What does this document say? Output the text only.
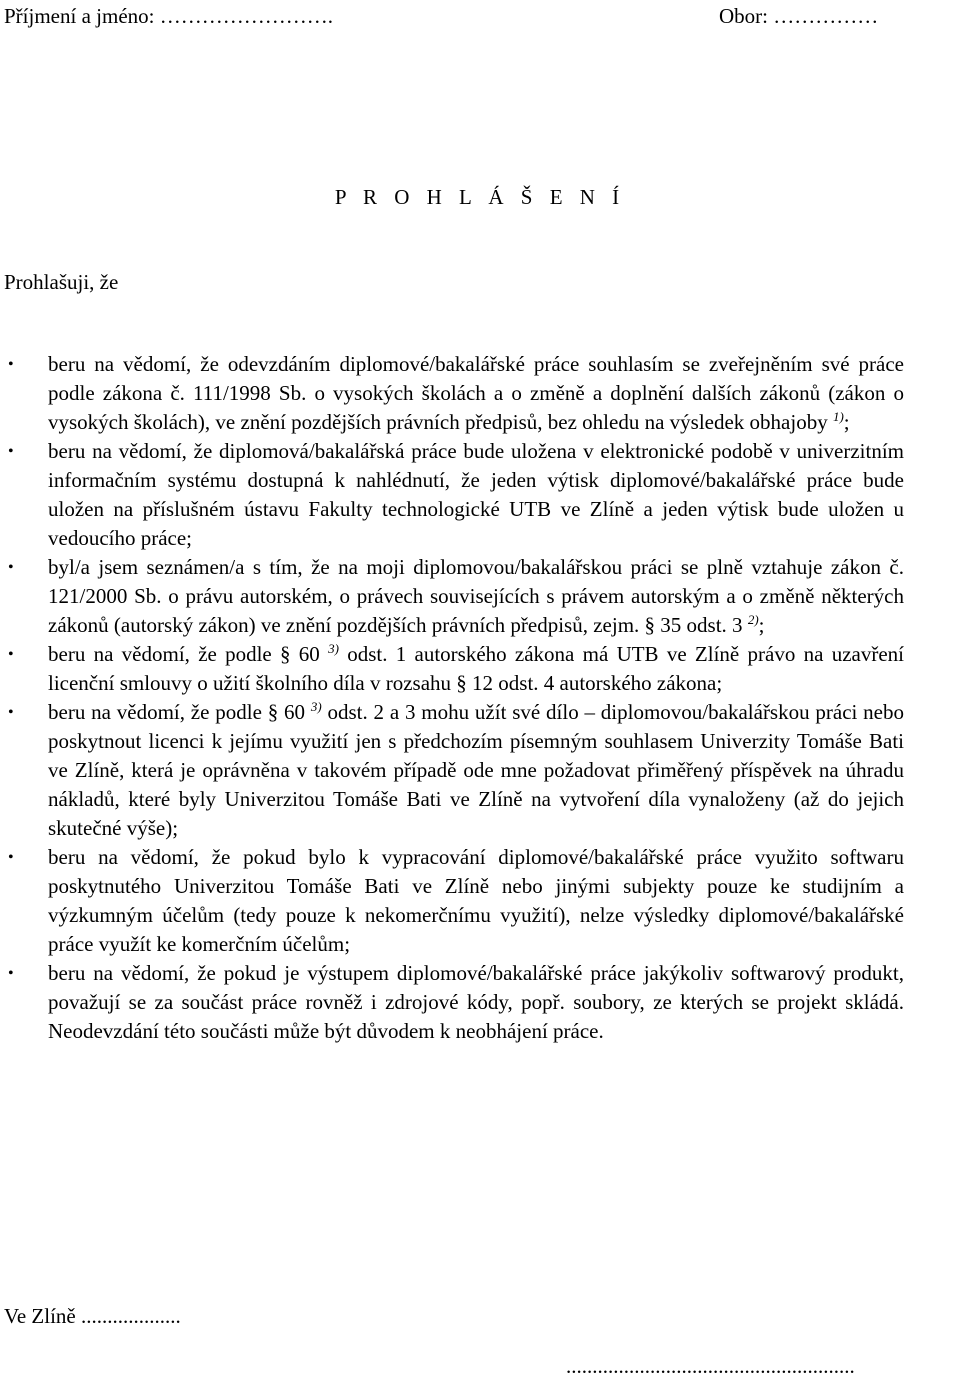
Příjmení a jméno: …………………….	Obor: ……………
P R O H L Á Š E N Í
Prohlašuji, že
• beru na vědomí, že odevzdáním diplomové/bakalářské práce souhlasím se zveřejněním své práce podle zákona č. 111/1998 Sb. o vysokých školách a o změně a doplnění dalších zákonů (zákon o vysokých školách), ve znění pozdějších právních předpisů, bez ohledu na výsledek obhajoby $^{1)}$;
• beru na vědomí, že diplomová/bakalářská práce bude uložena v elektronické podobě v univerzitním informačním systému dostupná k nahlédnutí, že jeden výtisk diplomové/bakalářské práce bude uložen na příslušném ústavu Fakulty technologické UTB ve Zlíně a jeden výtisk bude uložen u vedoucího práce;
• byl/a jsem seznámen/a s tím, že na moji diplomovou/bakalářskou práci se plně vztahuje zákon č. 121/2000 Sb. o právu autorském, o právech souvisejících s právem autorským a o změně některých zákonů (autorský zákon) ve znění pozdějších právních předpisů, zejm. § 35 odst. 3 $^{2)}$;
• beru na vědomí, že podle § 60 $^{3)}$ odst. 1 autorského zákona má UTB ve Zlíně právo na uzavření licenční smlouvy o užití školního díla v rozsahu § 12 odst. 4 autorského zákona;
• beru na vědomí, že podle § 60 $^{3)}$ odst. 2 a 3 mohu užít své dílo – diplomovou/bakalářskou práci nebo poskytnout licenci k jejímu využití jen s předchozím písemným souhlasem Univerzity Tomáše Bati ve Zlíně, která je oprávněna v takovém případě ode mne požadovat přiměřený příspěvek na úhradu nákladů, které byly Univerzitou Tomáše Bati ve Zlíně na vytvoření díla vynaloženy (až do jejich skutečné výše);
• beru na vědomí, že pokud bylo k vypracování diplomové/bakalářské práce využito softwaru poskytnutého Univerzitou Tomáše Bati ve Zlíně nebo jinými subjekty pouze ke studijním a výzkumným účelům (tedy pouze k nekomerčnímu využití), nelze výsledky diplomové/bakalářské práce využít ke komerčním účelům;
• beru na vědomí, že pokud je výstupem diplomové/bakalářské práce jakýkoliv softwarový produkt, považují se za součást práce rovněž i zdrojové kódy, popř. soubory, ze kterých se projekt skládá. Neodevzdání této součásti může být důvodem k neobhájení práce.
Ve Zlíně ...................
.......................................................
